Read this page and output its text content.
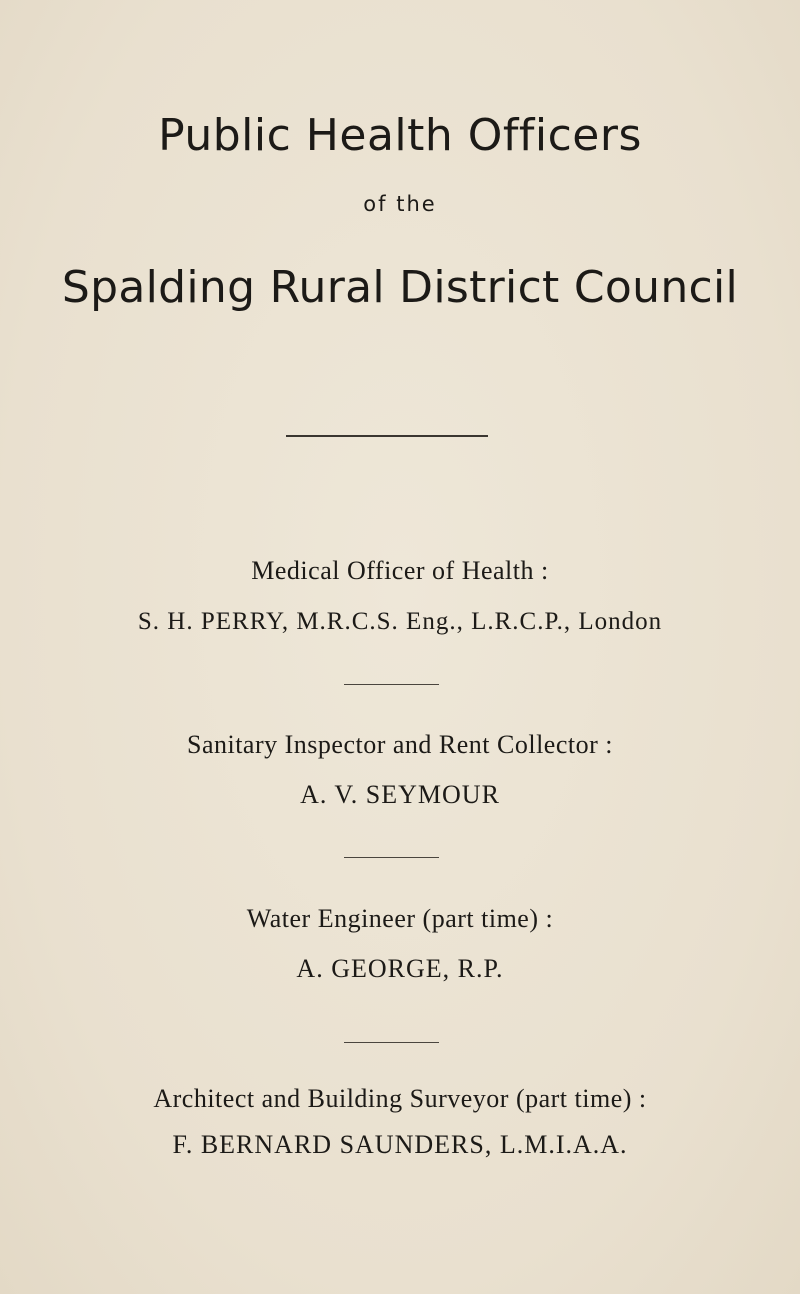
Public Health Officers
of the
Spalding Rural District Council
Medical Officer of Health :
S. H. PERRY, M.R.C.S. Eng., L.R.C.P., London
Sanitary Inspector and Rent Collector :
A. V. SEYMOUR
Water Engineer (part time) :
A. GEORGE, R.P.
Architect and Building Surveyor (part time) :
F. BERNARD SAUNDERS, L.M.I.A.A.
